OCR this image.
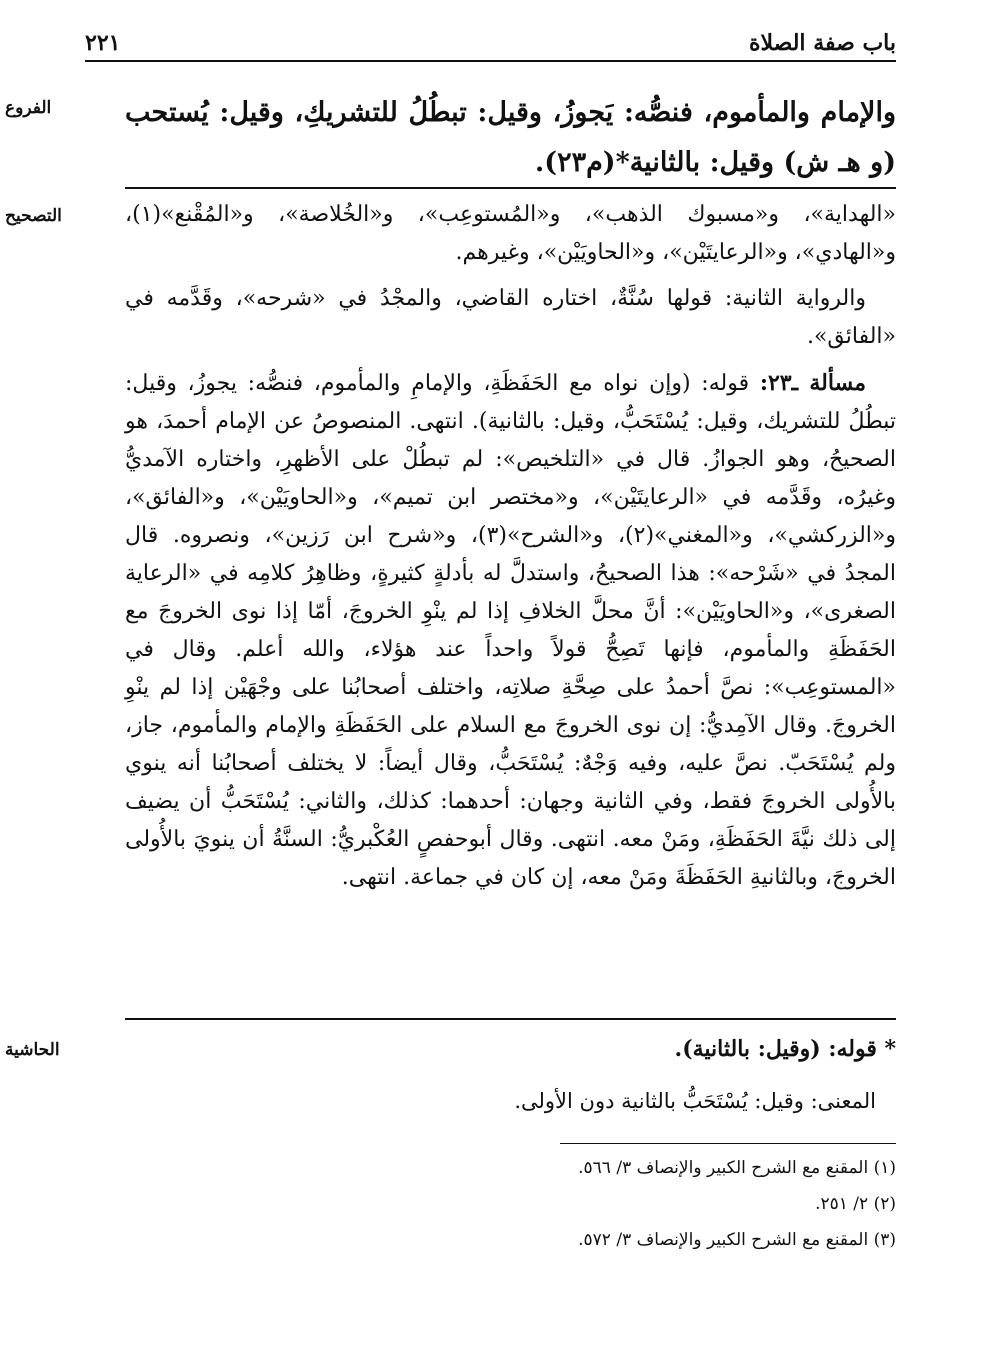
باب صفة الصلاة
٢٢١
الفروع	والإمام والمأموم، فنصُّه: يَجوزُ، وقيل: تبطُلُ للتشريكِ، وقيل: يُستحب (و هـ ش) وقيل: بالثانية*(م٢٣).
التصحيح	«الهداية»، و«مسبوك الذهب»، و«المُستوعِب»، و«الخُلاصة»، و«المُقْنع»(١)، و«الهادي»، و«الرعايتَيْن»، و«الحاويَيْن»، وغيرهم.

والرواية الثانية: قولها سُنَّةٌ، اختاره القاضي، والمجْدُ في «شرحه»، وقَدَّمه في «الفائق».

مسألة ـ٢٣: قوله: (وإن نواه مع الحَفَظَةِ، والإمامِ والمأموم، فنصُّه: يجوزُ، وقيل: تبطُلُ للتشريك، وقيل: يُسْتَحَبُّ، وقيل: بالثانية). انتهى. المنصوصُ عن الإمام أحمدَ، هو الصحيحُ، وهو الجوازُ. قال في «التلخيص»: لم تبطُلْ على الأظهرِ، واختاره الآمديُّ وغيرُه، وقَدَّمه في «الرعايتَيْن»، و«مختصر ابن تميم»، و«الحاويَيْن»، و«الفائق»، و«الزركشي»، و«المغني»(٢)، و«الشرح»(٣)، و«شرح ابن رَزين»، ونصروه. قال المجدُ في «شَرْحه»: هذا الصحيحُ، واستدلَّ له بأدلةٍ كثيرةٍ، وظاهِرُ كلامِه في «الرعاية الصغرى»، و«الحاويَيْن»: أنَّ محلَّ الخلافِ إذا لم ينْوِ الخروجَ، أمّا إذا نوى الخروجَ مع الحَفَظَةِ والمأموم، فإنها تَصِحُّ قولاً واحداً عند هؤلاء، والله أعلم. وقال في «المستوعِب»: نصَّ أحمدُ على صِحَّةِ صلاتِه، واختلف أصحابُنا على وجْهَيْن إذا لم ينْوِ الخروجَ. وقال الآمِديُّ: إن نوى الخروجَ مع السلام على الحَفَظَةِ والإمام والمأموم، جاز، ولم يُسْتَحَبّ. نصَّ عليه، وفيه وَجْهٌ: يُسْتَحَبُّ، وقال أيضاً: لا يختلف أصحابُنا أنه ينوي بالأُولى الخروجَ فقط، وفي الثانية وجهان: أحدهما: كذلك، والثاني: يُسْتَحَبُّ أن يضيف إلى ذلك نيَّةَ الحَفَظَةِ، ومَنْ معه. انتهى. وقال أبوحفصٍ العُكْبريُّ: السنَّةُ أن ينويَ بالأُولى الخروجَ، وبالثانيةِ الحَفَظَةَ ومَنْ معه، إن كان في جماعة. انتهى.

الحاشية	* قوله: (وقيل: بالثانية).

المعنى: وقيل: يُسْتَحَبُّ بالثانية دون الأولى.

(١) المقنع مع الشرح الكبير والإنصاف ٣/ ٥٦٦.

(٢) ٢/ ٢٥١.

(٣) المقنع مع الشرح الكبير والإنصاف ٣/ ٥٧٢.
